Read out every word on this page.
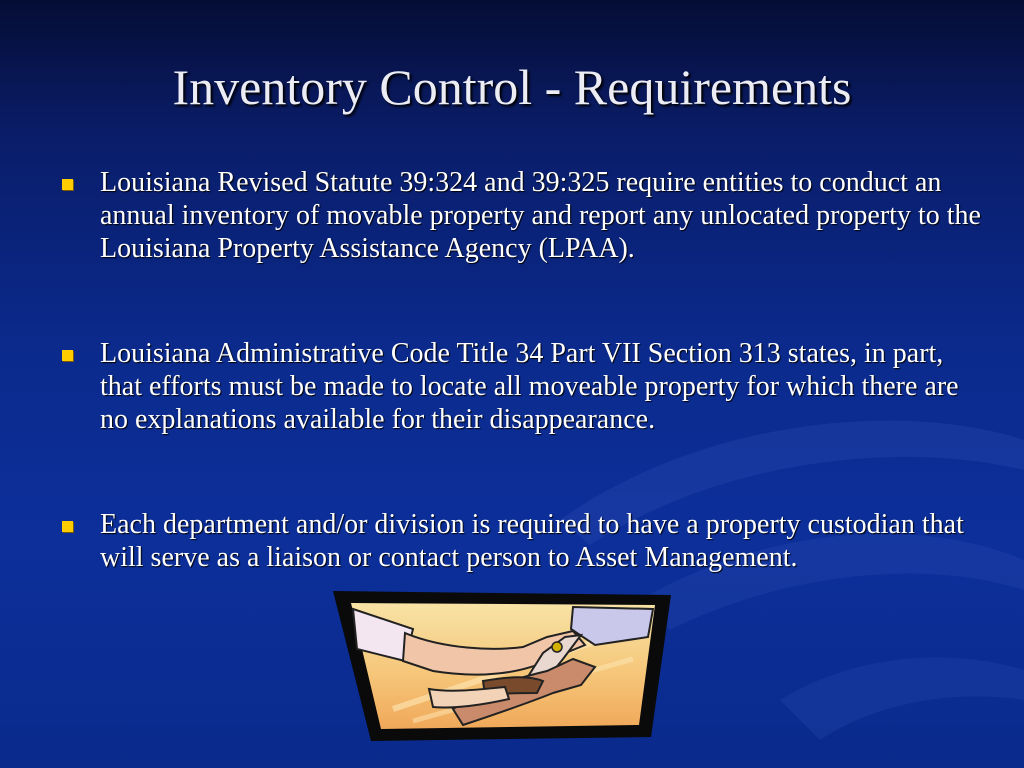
Inventory Control - Requirements
Louisiana Revised Statute 39:324 and 39:325 require entities to conduct an annual inventory of movable property and report any unlocated property to the Louisiana Property Assistance Agency (LPAA).
Louisiana Administrative Code Title 34 Part VII Section 313 states, in part, that efforts must be made to locate all moveable property for which there are no explanations available for their disappearance.
Each department and/or division is required to have a property custodian that will serve as a liaison or contact person to Asset Management.
